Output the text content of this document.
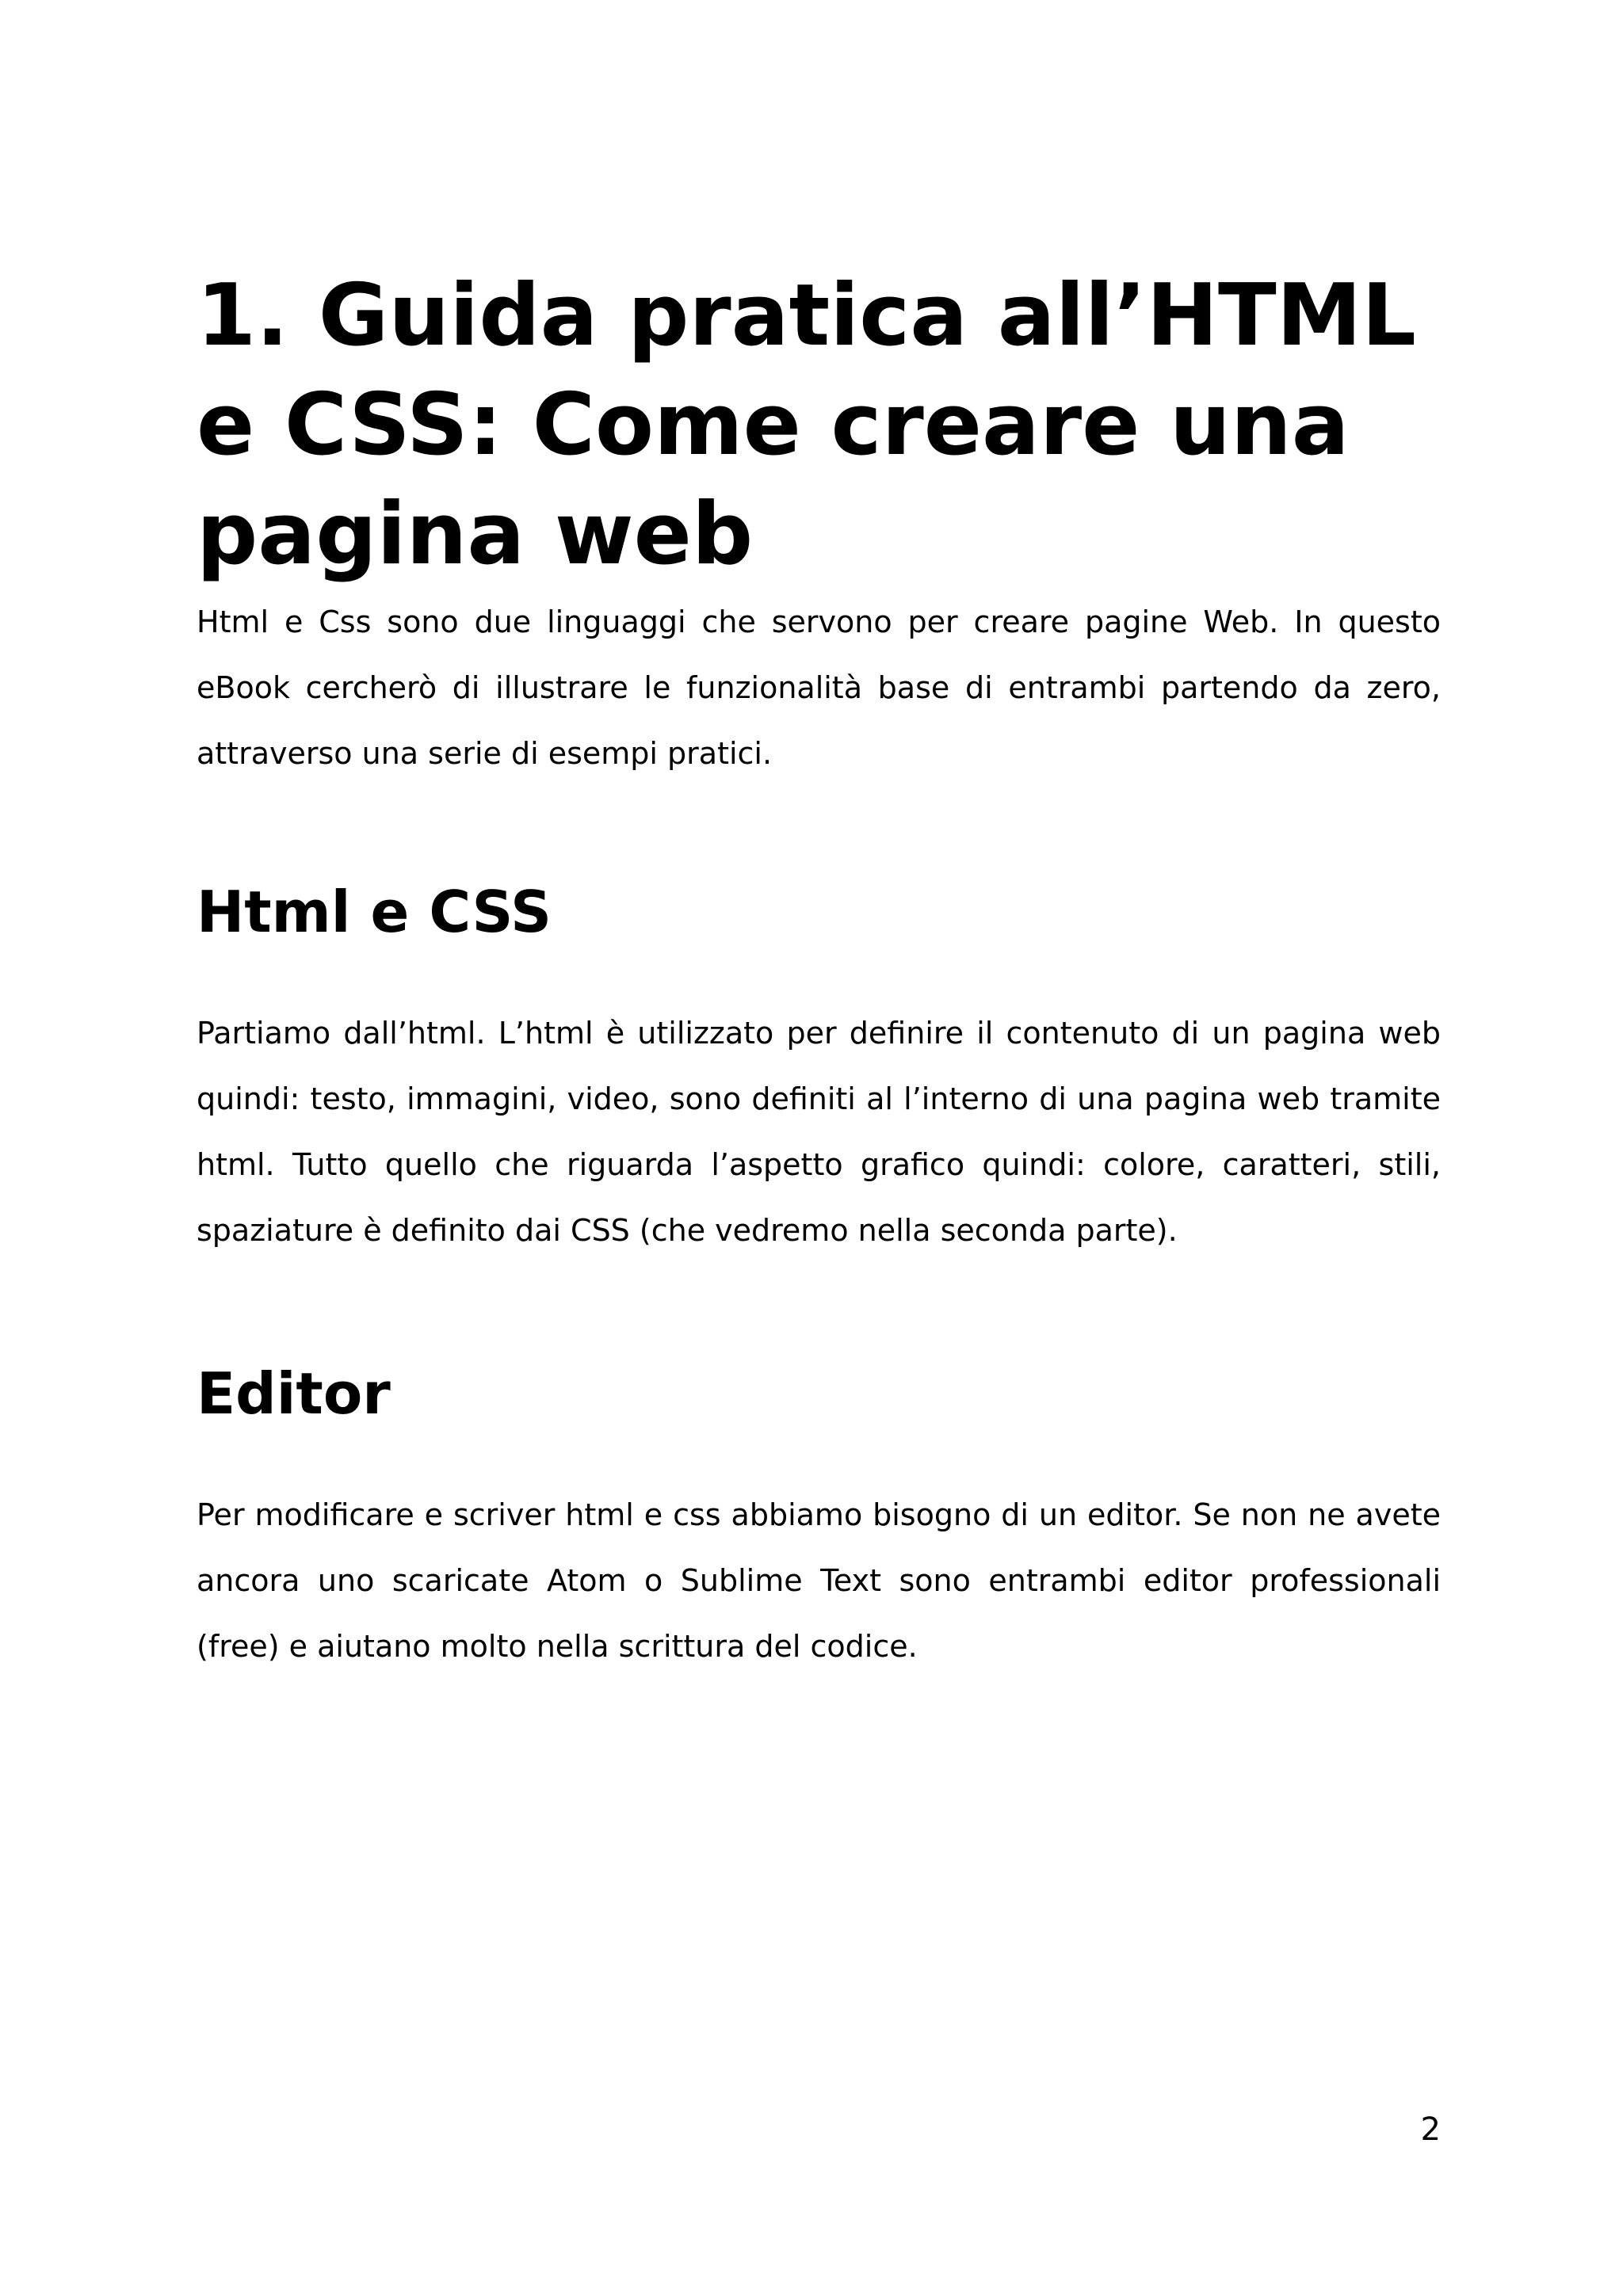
1. Guida pratica all’HTML e CSS: Come creare una pagina web

Html e Css sono due linguaggi che servono per creare pagine Web. In questo eBook cercherò di illustrare le funzionalità base di entrambi partendo da zero, attraverso una serie di esempi pratici.

Html e CSS

Partiamo dall’html. L’html è utilizzato per definire il contenuto di un pagina web quindi: testo, immagini, video, sono definiti al l’interno di una pagina web tramite html. Tutto quello che riguarda l’aspetto grafico quindi: colore, caratteri, stili, spaziature è definito dai CSS (che vedremo nella seconda parte).

Editor

Per modificare e scriver html e css abbiamo bisogno di un editor. Se non ne avete ancora uno scaricate Atom o Sublime Text sono entrambi editor professionali (free) e aiutano molto nella scrittura del codice.

2
